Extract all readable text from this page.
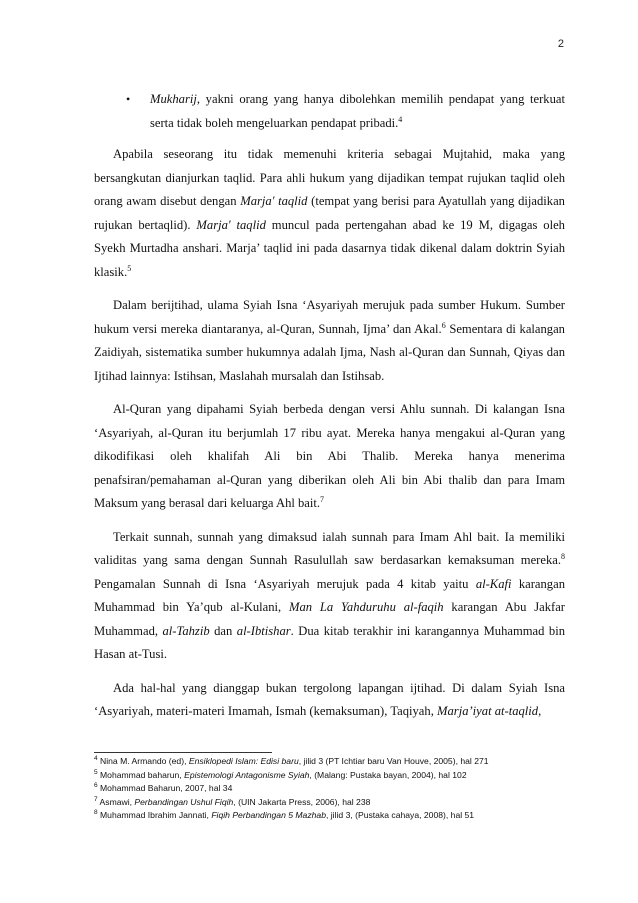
2
• Mukharij, yakni orang yang hanya dibolehkan memilih pendapat yang terkuat serta tidak boleh mengeluarkan pendapat pribadi.$^4$

Apabila seseorang itu tidak memenuhi kriteria sebagai Mujtahid, maka yang bersangkutan dianjurkan taqlid. Para ahli hukum yang dijadikan tempat rujukan taqlid oleh orang awam disebut dengan Marja' taqlid (tempat yang berisi para Ayatullah yang dijadikan rujukan bertaqlid). Marja' taqlid muncul pada pertengahan abad ke 19 M, digagas oleh Syekh Murtadha anshari. Marja’ taqlid ini pada dasarnya tidak dikenal dalam doktrin Syiah klasik.$^5$

Dalam berijtihad, ulama Syiah Isna ‘Asyariyah merujuk pada sumber Hukum. Sumber hukum versi mereka diantaranya, al-Quran, Sunnah, Ijma’ dan Akal.$^6$ Sementara di kalangan Zaidiyah, sistematika sumber hukumnya adalah Ijma, Nash al-Quran dan Sunnah, Qiyas dan Ijtihad lainnya: Istihsan, Maslahah mursalah dan Istihsab.

Al-Quran yang dipahami Syiah berbeda dengan versi Ahlu sunnah. Di kalangan Isna ‘Asyariyah, al-Quran itu berjumlah 17 ribu ayat. Mereka hanya mengakui al-Quran yang dikodifikasi oleh khalifah Ali bin Abi Thalib. Mereka hanya menerima penafsiran/pemahaman al-Quran yang diberikan oleh Ali bin Abi thalib dan para Imam Maksum yang berasal dari keluarga Ahl bait.$^7$

Terkait sunnah, sunnah yang dimaksud ialah sunnah para Imam Ahl bait. Ia memiliki validitas yang sama dengan Sunnah Rasulullah saw berdasarkan kemaksuman mereka.$^8$ Pengamalan Sunnah di Isna ‘Asyariyah merujuk pada 4 kitab yaitu al-Kafi karangan Muhammad bin Ya’qub al-Kulani, Man La Yahduruhu al-faqih karangan Abu Jakfar Muhammad, al-Tahzib dan al-Ibtishar. Dua kitab terakhir ini karangannya Muhammad bin Hasan at-Tusi.

Ada hal-hal yang dianggap bukan tergolong lapangan ijtihad. Di dalam Syiah Isna ‘Asyariyah, materi-materi Imamah, Ismah (kemaksuman), Taqiyah, Marja’iyat at-taqlid,

$^4$ Nina M. Armando (ed), Ensiklopedi Islam: Edisi baru, jilid 3 (PT Ichtiar baru Van Houve, 2005), hal 271
$^5$ Mohammad baharun, Epistemologi Antagonisme Syiah, (Malang: Pustaka bayan, 2004), hal 102
$^6$ Mohammad Baharun, 2007, hal 34
$^7$ Asmawi, Perbandingan Ushul Fiqih, (UIN Jakarta Press, 2006), hal 238
$^8$ Muhammad Ibrahim Jannati, Fiqih Perbandingan 5 Mazhab, jilid 3, (Pustaka cahaya, 2008), hal 51
